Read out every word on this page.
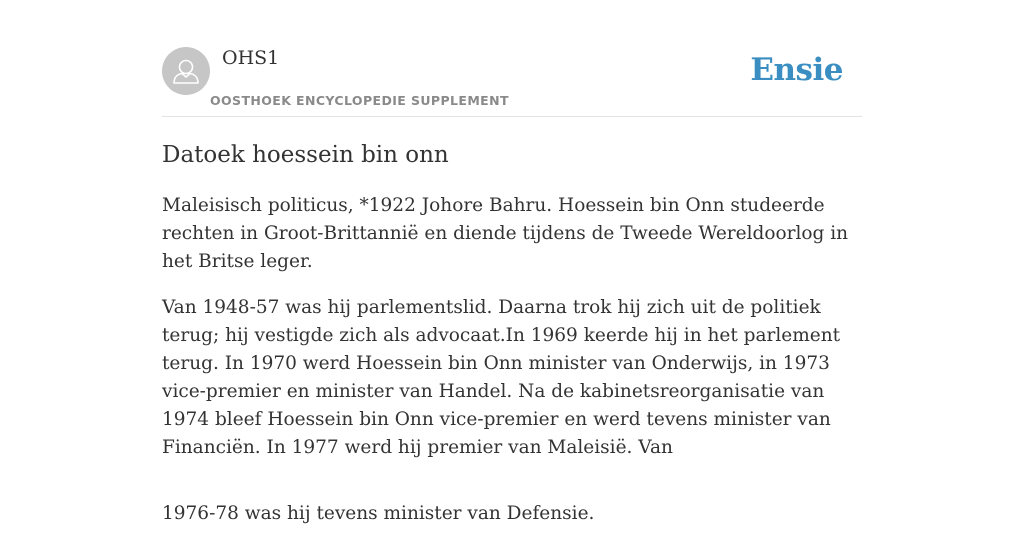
OHS1
OOSTHOEK ENCYCLOPEDIE SUPPLEMENT
Ensie
Datoek hoessein bin onn

Maleisisch politicus, *1922 Johore Bahru. Hoessein bin Onn studeerde rechten in Groot-Brittannië en diende tijdens de Tweede Wereldoorlog in het Britse leger.

Van 1948-57 was hij parlementslid. Daarna trok hij zich uit de politiek terug; hij vestigde zich als advocaat.In 1969 keerde hij in het parlement terug. In 1970 werd Hoessein bin Onn minister van Onderwijs, in 1973 vice-premier en minister van Handel. Na de kabinetsreorganisatie van 1974 bleef Hoessein bin Onn vice-premier en werd tevens minister van Financiën. In 1977 werd hij premier van Maleisië. Van

1976-78 was hij tevens minister van Defensie.
